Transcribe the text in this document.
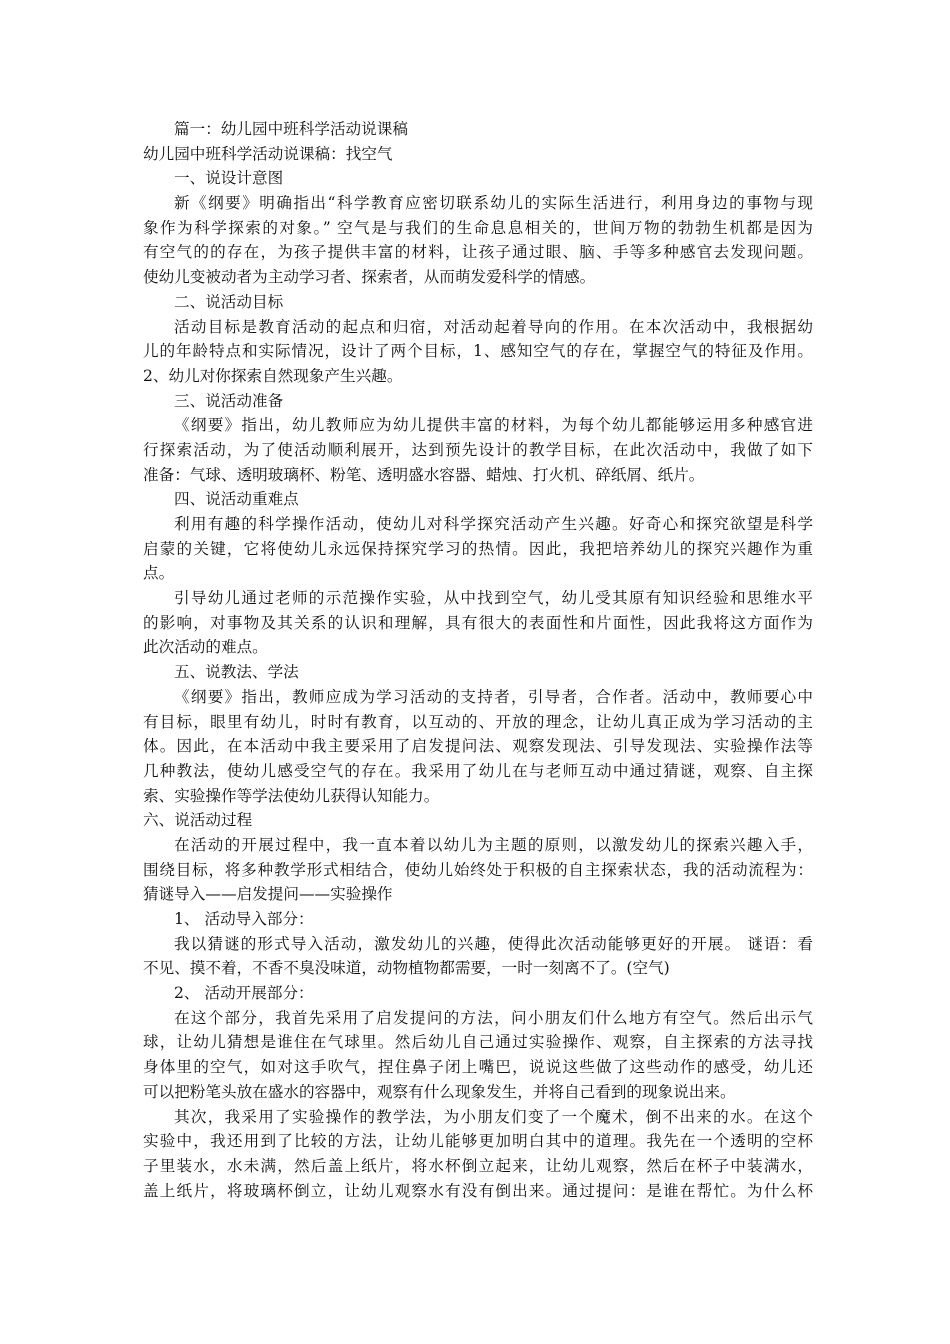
篇一：幼儿园中班科学活动说课稿
幼儿园中班科学活动说课稿：找空气
一、说设计意图
新《纲要》明确指出“科学教育应密切联系幼儿的实际生活进行，利用身边的事物与现
象作为科学探索的对象。” 空气是与我们的生命息息相关的，世间万物的勃勃生机都是因为
有空气的的存在，为孩子提供丰富的材料，让孩子通过眼、脑、手等多种感官去发现问题。
使幼儿变被动者为主动学习者、探索者，从而萌发爱科学的情感。
二、说活动目标
活动目标是教育活动的起点和归宿，对活动起着导向的作用。在本次活动中，我根据幼
儿的年龄特点和实际情况，设计了两个目标，1、感知空气的存在，掌握空气的特征及作用。
2、幼儿对你探索自然现象产生兴趣。
三、说活动准备
《纲要》指出，幼儿教师应为幼儿提供丰富的材料，为每个幼儿都能够运用多种感官进
行探索活动，为了使活动顺利展开，达到预先设计的教学目标，在此次活动中，我做了如下
准备：气球、透明玻璃杯、粉笔、透明盛水容器、蜡烛、打火机、碎纸屑、纸片。
四、说活动重难点
利用有趣的科学操作活动，使幼儿对科学探究活动产生兴趣。好奇心和探究欲望是科学
启蒙的关键，它将使幼儿永远保持探究学习的热情。因此，我把培养幼儿的探究兴趣作为重
点。
引导幼儿通过老师的示范操作实验，从中找到空气，幼儿受其原有知识经验和思维水平
的影响，对事物及其关系的认识和理解，具有很大的表面性和片面性，因此我将这方面作为
此次活动的难点。
五、说教法、学法
《纲要》指出，教师应成为学习活动的支持者，引导者，合作者。活动中，教师要心中
有目标，眼里有幼儿，时时有教育，以互动的、开放的理念，让幼儿真正成为学习活动的主
体。因此，在本活动中我主要采用了启发提问法、观察发现法、引导发现法、实验操作法等
几种教法，使幼儿感受空气的存在。我采用了幼儿在与老师互动中通过猜谜，观察、自主探
索、实验操作等学法使幼儿获得认知能力。
六、说活动过程
在活动的开展过程中，我一直本着以幼儿为主题的原则，以激发幼儿的探索兴趣入手，
围绕目标，将多种教学形式相结合，使幼儿始终处于积极的自主探索状态，我的活动流程为：
猜谜导入——启发提问——实验操作
1、 活动导入部分：
我以猜谜的形式导入活动，激发幼儿的兴趣，使得此次活动能够更好的开展。 谜语：看
不见、摸不着，不香不臭没味道，动物植物都需要，一时一刻离不了。(空气)
2、 活动开展部分：
在这个部分，我首先采用了启发提问的方法，问小朋友们什么地方有空气。然后出示气
球，让幼儿猜想是谁住在气球里。然后幼儿自己通过实验操作、观察，自主探索的方法寻找
身体里的空气，如对这手吹气，捏住鼻子闭上嘴巴，说说这些做了这些动作的感受，幼儿还
可以把粉笔头放在盛水的容器中，观察有什么现象发生，并将自己看到的现象说出来。
其次，我采用了实验操作的教学法，为小朋友们变了一个魔术，倒不出来的水。在这个
实验中，我还用到了比较的方法，让幼儿能够更加明白其中的道理。我先在一个透明的空杯
子里装水，水未满，然后盖上纸片，将水杯倒立起来，让幼儿观察，然后在杯子中装满水，
盖上纸片，将玻璃杯倒立，让幼儿观察水有没有倒出来。通过提问：是谁在帮忙。为什么杯
